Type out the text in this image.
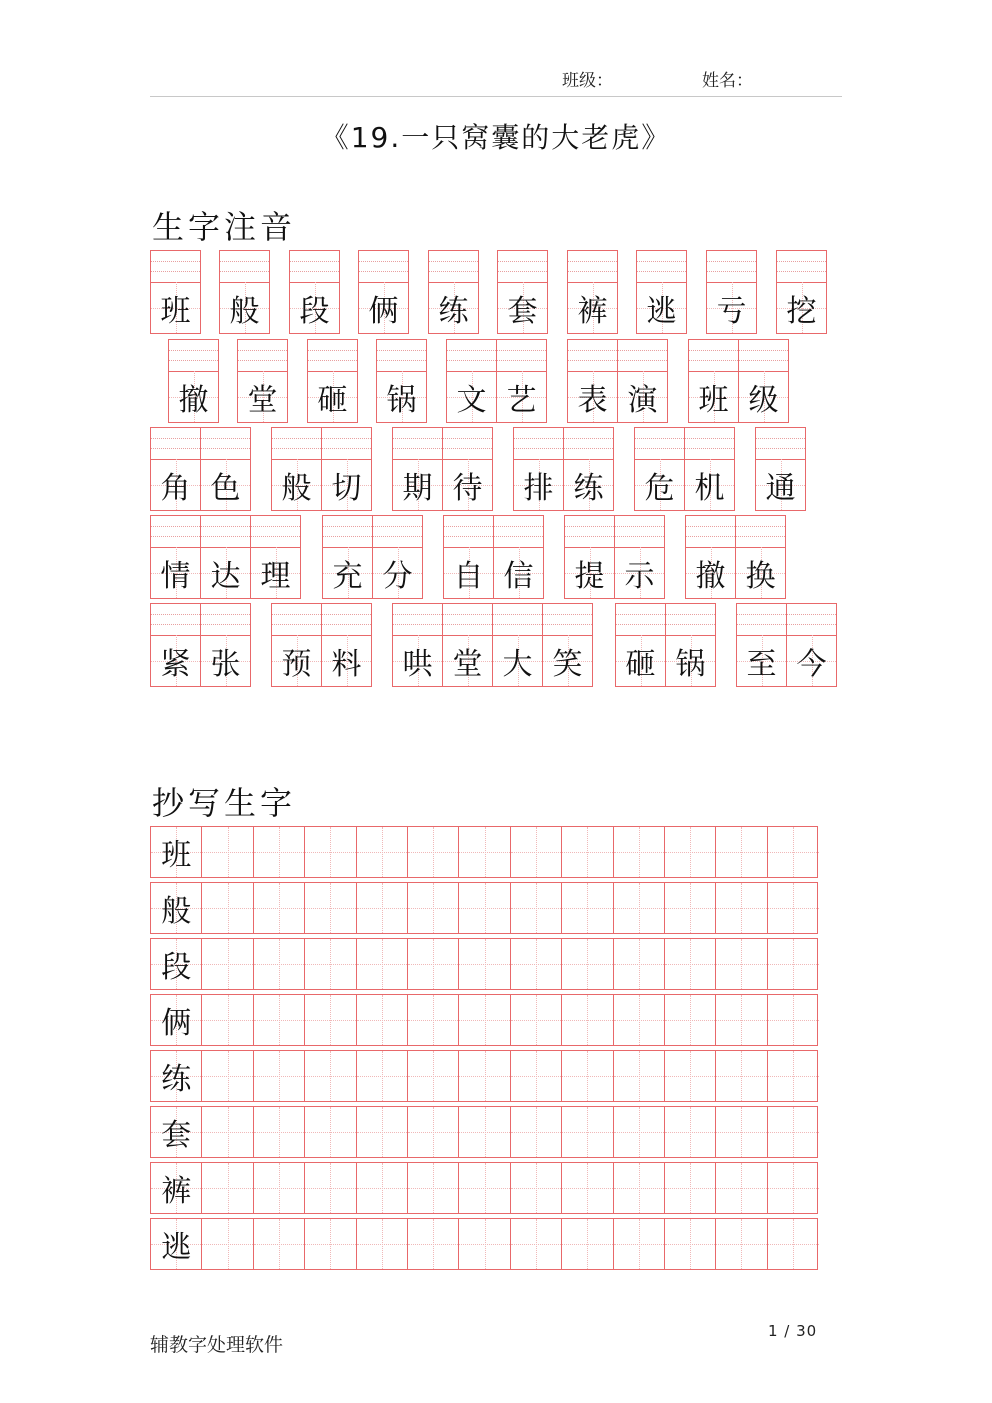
班级：	姓名：
《19.一只窝囊的大老虎》
生字注音
班 般 段 俩 练 套 裤 逃 亏 挖
撤 堂 砸 锅 文 艺 表 演 班 级
角 色 般 切 期 待 排 练 危 机 通
情 达 理 充 分 自 信 提 示 撤 换
紧 张 预 料 哄 堂 大 笑 砸 锅 至 今
抄写生字
班
般
段
俩
练
套
裤
逃
辅教字处理软件
1 / 30
